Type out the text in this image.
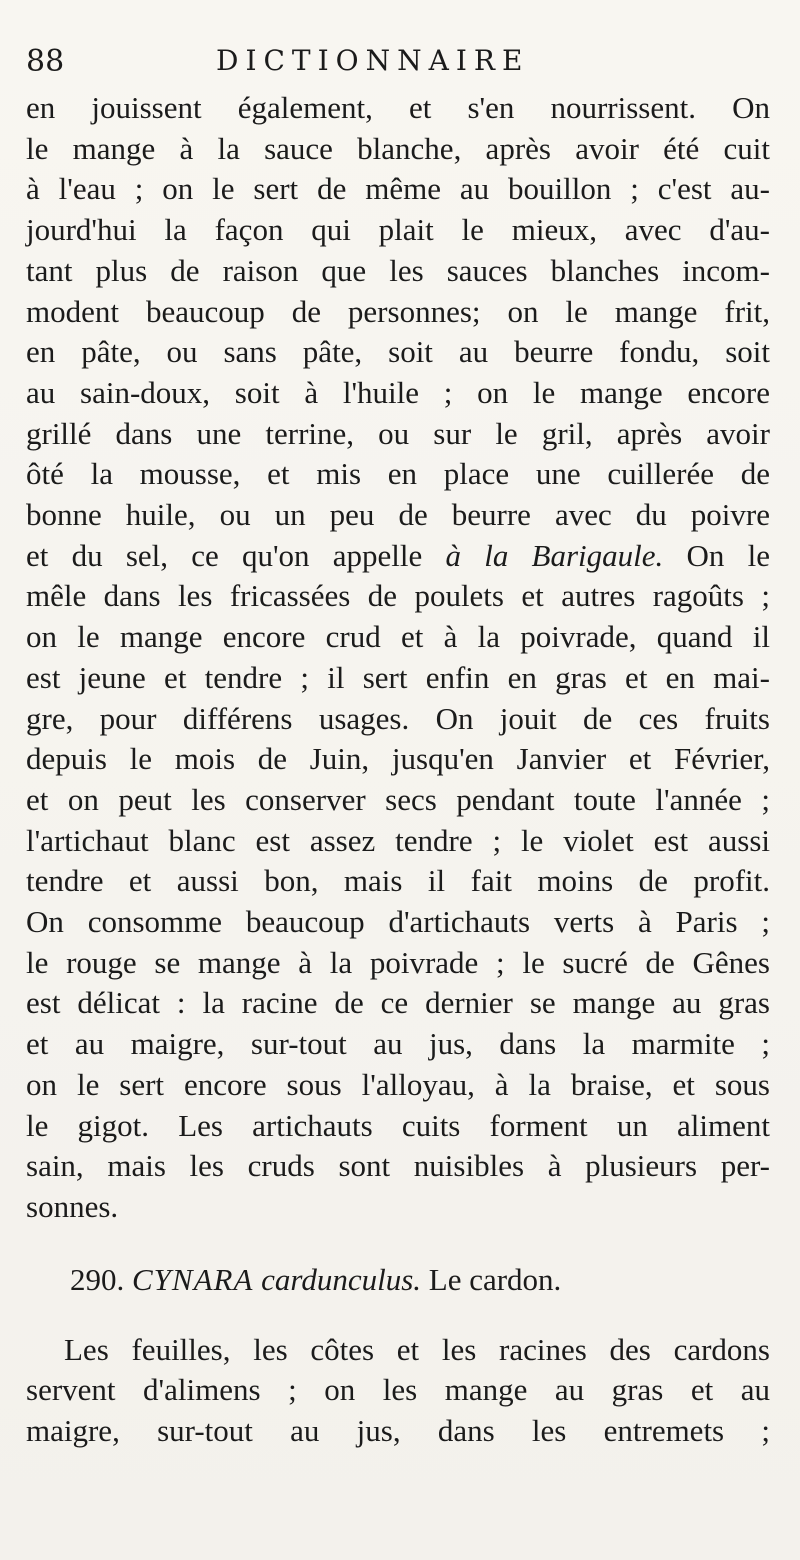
88	DICTIONNAIRE
en jouissent également, et s'en nourrissent. On
le mange à la sauce blanche, après avoir été cuit
à l'eau ; on le sert de même au bouillon ; c'est au-
jourd'hui la façon qui plait le mieux, avec d'au-
tant plus de raison que les sauces blanches incom-
modent beaucoup de personnes; on le mange frit,
en pâte, ou sans pâte, soit au beurre fondu, soit
au sain-doux, soit à l'huile ; on le mange encore
grillé dans une terrine, ou sur le gril, après avoir
ôté la mousse, et mis en place une cuillerée de
bonne huile, ou un peu de beurre avec du poivre
et du sel, ce qu'on appelle à la Barigaule. On le
mêle dans les fricassées de poulets et autres ragoûts ;
on le mange encore crud et à la poivrade, quand il
est jeune et tendre ; il sert enfin en gras et en mai-
gre, pour différens usages. On jouit de ces fruits
depuis le mois de Juin, jusqu'en Janvier et Février,
et on peut les conserver secs pendant toute l'année ;
l'artichaut blanc est assez tendre ; le violet est aussi
tendre et aussi bon, mais il fait moins de profit.
On consomme beaucoup d'artichauts verts à Paris ;
le rouge se mange à la poivrade ; le sucré de Gênes
est délicat : la racine de ce dernier se mange au gras
et au maigre, sur-tout au jus, dans la marmite ;
on le sert encore sous l'alloyau, à la braise, et sous
le gigot. Les artichauts cuits forment un aliment
sain, mais les cruds sont nuisibles à plusieurs per-
sonnes.
290. CYNARA cardunculus. Le cardon.
Les feuilles, les côtes et les racines des cardons
servent d'alimens ; on les mange au gras et au
maigre, sur-tout au jus, dans les entremets ;
